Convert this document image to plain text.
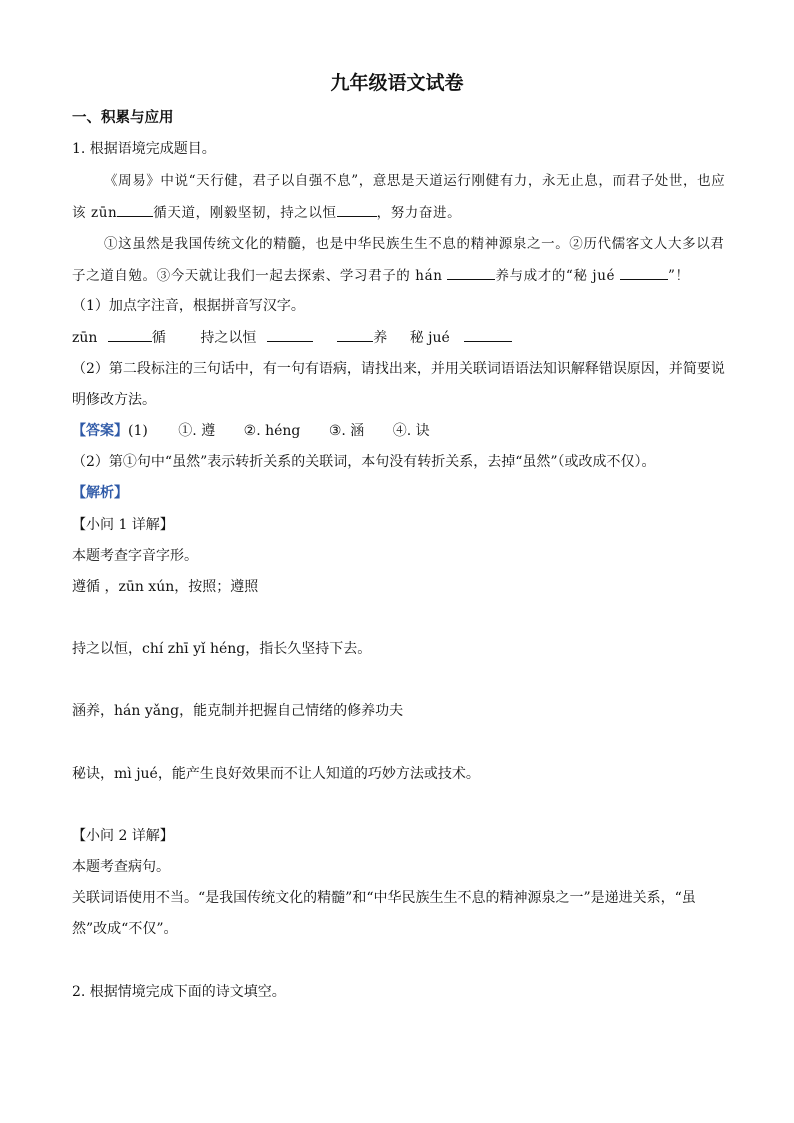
九年级语文试卷
一、积累与应用
1. 根据语境完成题目。
《周易》中说“天行健，君子以自强不息”，意思是天道运行刚健有力，永无止息，而君子处世，也应
该 zūn	循天道，刚毅坚韧，持之以恒	，努力奋进。
①这虽然是我国传统文化的精髓，也是中华民族生生不息的精神源泉之一。②历代儒客文人大多以君
子之道自勉。③今天就让我们一起去探索、学习君子的 hán	养与成才的“秘 jué	”！
（1）加点字注音，根据拼音写汉字。
zūn	循 持之以恒	养 秘 jué
（2）第二段标注的三句话中，有一句有语病，请找出来，并用关联词语语法知识解释错误原因，并简要说
明修改方法。
【答案】(1) ①. 遵 ②. héng ③. 涵 ④. 诀
（2）第①句中“虽然”表示转折关系的关联词，本句没有转折关系，去掉“虽然”（或改成不仅）。
【解析】
【小问 1 详解】
本题考查字音字形。
遵循 ，zūn xún，按照；遵照
持之以恒，chí zhī yǐ héng，指长久坚持下去。
涵养，hán yǎng，能克制并把握自己情绪的修养功夫
秘诀，mì jué，能产生良好效果而不让人知道的巧妙方法或技术。
【小问 2 详解】
本题考查病句。
关联词语使用不当。“是我国传统文化的精髓”和“中华民族生生不息的精神源泉之一”是递进关系，“虽
然”改成“不仅”。
2. 根据情境完成下面的诗文填空。
